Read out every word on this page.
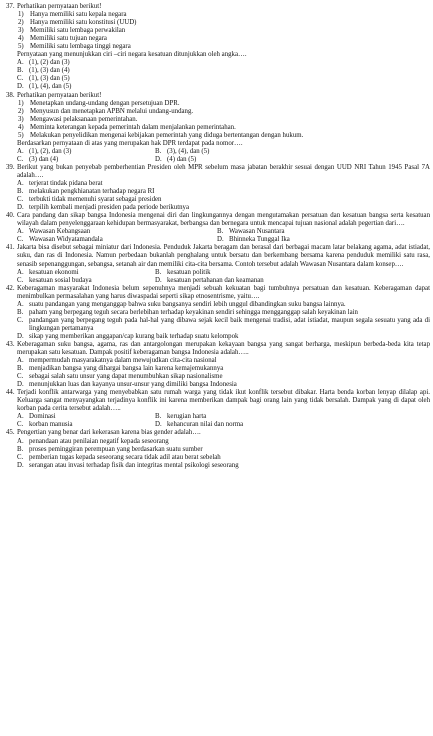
37. Perhatikan pernyataan berikut!
1) Hanya memiliki satu kepala negara
2) Hanya memiliki satu konstitusi (UUD)
3) Memiliki satu lembaga perwakilan
4) Memiliki satu tujuan negara
5) Memiliki satu lembaga tinggi negara
Pernyataan yang menunjukkan ciri –ciri negara kesatuan ditunjukkan oleh angka….
A. (1), (2) dan (3)
B. (1), (3) dan (4)
C. (1), (3) dan (5)
D. (1), (4), dan (5)
38. Perhatikan pernyataan berikut!
1) Menetapkan undang-undang dengan persetujuan DPR.
2) Menyusun dan menetapkan APBN melalui undang-undang.
3) Mengawasi pelaksanaan pemerintahan.
4) Meminta keterangan kepada pemerintah dalam menjalankan pemerintahan.
5) Melakukan penyelidikan mengenai kebijakan pemerintah yang diduga bertentangan dengan hukum.
Berdasarkan pernyataan di atas yang merupakan hak DPR terdapat pada nomor….
A. (1), (2), dan (3)	B. (3), (4), dan (5)
C. (3) dan (4)	D. (4) dan (5)
39. Berikut yang bukan penyebab pemberhentian Presiden oleh MPR sebelum masa jabatan berakhir sesuai dengan UUD NRI Tahun 1945 Pasal 7A adalah….
A. terjerat tindak pidana berat
B. melakukan pengkhianatan terhadap negara RI
C. terbukti tidak memenuhi syarat sebagai presiden
D. terpilih kembali menjadi presiden pada periode berikutnya
40. Cara pandang dan sikap bangsa Indonesia mengenai diri dan lingkungannya dengan mengutamakan persatuan dan kesatuan bangsa serta kesatuan wilayah dalam penyelenggaraan kehidupan bermasyarakat, berbangsa dan bernegara untuk mencapai tujuan nasional adalah pegertian dari….
A. Wawasan Kebangsaan	B. Wawasan Nusantara
C. Wawasan Widyatamandala	D. Bhinneka Tunggal Ika
41. Jakarta bisa disebut sebagai miniatur dari Indonesia. Penduduk Jakarta beragam dan berasal dari berbagai macam latar belakang agama, adat istiadat, suku, dan ras di Indonesia. Namun perbedaan bukanlah penghalang untuk bersatu dan berkembang bersama karena penduduk memiliki satu rasa, senasib sepenanggungan, sebangsa, setanah air dan memiliki cita-cita bersama. Contoh tersebut adalah Wawasan Nusantara dalam konsep….
A. kesatuan ekonomi	B. kesatuan politik
C. kesatuan sosial budaya	D. kesatuan pertahanan dan keamanan
42. Keberagaman masyarakat Indonesia belum sepenuhnya menjadi sebuah kekuatan bagi tumbuhnya persatuan dan kesatuan. Keberagaman dapat menimbulkan permasalahan yang harus diwaspadai seperti sikap etnosentrisme, yaitu….
A. suatu pandangan yang menganggap bahwa suku bangsanya sendiri lebih unggul dibandingkan suku bangsa lainnya.
B. paham yang berpegang teguh secara berlebihan terhadap keyakinan sendiri sehingga mengganggap salah keyakinan lain
C. pandangan yang berpegang teguh pada hal-hal yang dibawa sejak kecil baik mengenai tradisi, adat istiadat, maupun segala sesuatu yang ada di lingkungan pertamanya
D. sikap yang memberikan anggapan/cap kurang baik terhadap suatu kelompok
43. Keberagaman suku bangsa, agama, ras dan antargolongan merupakan kekayaan bangsa yang sangat berharga, meskipun berbeda-beda kita tetap merupakan satu kesatuan. Dampak positif keberagaman bangsa Indonesia adalah…..
A. mempermudah masyarakatnya dalam mewujudkan cita-cita nasional
B. menjadikan bangsa yang dihargai bangsa lain karena kemajemukannya
C. sebagai salah satu unsur yang dapat menumbuhkan sikap nasionalisme
D. menunjukkan luas dan kayanya unsur-unsur yang dimiliki bangsa Indonesia
44. Terjadi konflik antarwarga yang menyebabkan satu rumah warga yang tidak ikut konflik tersebut dibakar. Harta benda korban lenyap dilalap api. Keluarga sangat menyayangkan terjadinya konflik ini karena memberikan dampak bagi orang lain yang tidak bersalah. Dampak yang di dapat oleh korban pada cerita tersebut adalah…..
A. Dominasi	B. kerugian harta
C. korban manusia	D. kehancuran nilai dan norma
45. Pengertian yang benar dari kekerasan karena bias gender adalah….
A. penandaan atau penilaian negatif kepada seseorang
B. proses peminggiran perempuan yang berdasarkan suatu sumber
C. pemberian tugas kepada seseorang secara tidak adil atau berat sebelah
D. serangan atau invasi terhadap fisik dan integritas mental psikologi seseorang
